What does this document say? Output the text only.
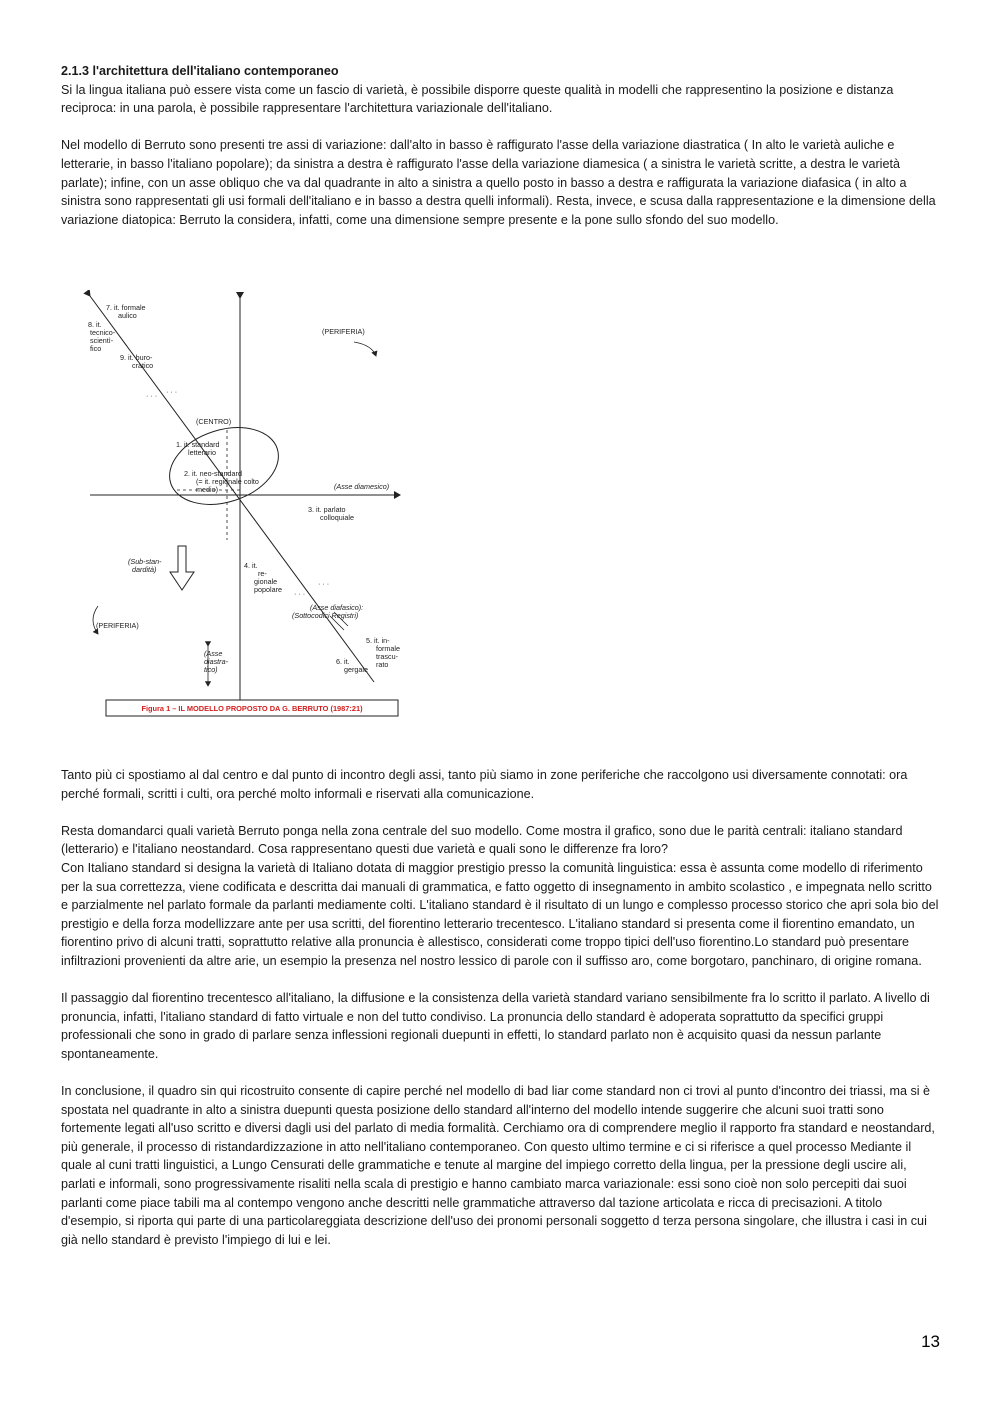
2.1.3 l'architettura dell'italiano contemporaneo

Si la lingua italiana può essere vista come un fascio di varietà, è possibile disporre queste qualità in modelli che rappresentino la posizione e distanza reciproca: in una parola, è possibile rappresentare l'architettura variazionale dell'italiano.

Nel modello di Berruto sono presenti tre assi di variazione: dall'alto in basso è raffigurato l'asse della variazione diastratica ( In alto le varietà auliche e letterarie, in basso l'italiano popolare); da sinistra a destra è raffigurato l'asse della variazione diamesica ( a sinistra le varietà scritte, a destra le varietà parlate); infine, con un asse obliquo che va dal quadrante in alto a sinistra a quello posto in basso a destra e raffigurata la variazione diafasica ( in alto a sinistra sono rappresentati gli usi formali dell'italiano e in basso a destra quelli informali). Resta, invece, e scusa dalla rappresentazione e la dimensione della variazione diatopica: Berruto la considera, infatti, come una dimensione sempre presente e la pone sullo sfondo del suo modello.

7. it. formale
aulico
8. it.
tecnico-
scientì-
fico
9. it. buro-
cratico
· · · · · ·
(PERIFERIA)
(CENTRO)
1. it. standard
letterario
2. it. neo-standard
(= it. regionale colto
medio)	(Asse diamesico)
3. it. parlato
colloquiale
(Sub-stan-
dardità)	4. it.
re-
gionale
popolare
· · ·
· · ·
(Asse diafasico):
(Sottocodici Registri)
(PERIFERIA)
5. it. in-
formale
trascu-
rato
6. it.
gergale
(Asse
diastra-
tico)
Figura 1 – IL MODELLO PROPOSTO DA G. BERRUTO (1987:21)

Tanto più ci spostiamo al dal centro e dal punto di incontro degli assi, tanto più siamo in zone periferiche che raccolgono usi diversamente connotati: ora perché formali, scritti i culti, ora perché molto informali e riservati alla comunicazione.

Resta domandarci quali varietà Berruto ponga nella zona centrale del suo modello. Come mostra il grafico, sono due le parità centrali: italiano standard (letterario) e l'italiano neostandard. Cosa rappresentano questi due varietà e quali sono le differenze fra loro?

Con Italiano standard si designa la varietà di Italiano dotata di maggior prestigio presso la comunità linguistica: essa è assunta come modello di riferimento per la sua correttezza, viene codificata e descritta dai manuali di grammatica, e fatto oggetto di insegnamento in ambito scolastico , e impegnata nello scritto e parzialmente nel parlato formale da parlanti mediamente colti. L'italiano standard è il risultato di un lungo e complesso processo storico che apri sola bio del prestigio e della forza modellizzare ante per usa scritti, del fiorentino letterario trecentesco. L'italiano standard si presenta come il fiorentino emandato, un fiorentino privo di alcuni tratti, soprattutto relative alla pronuncia è allestisco, considerati come troppo tipici dell'uso fiorentino.Lo standard può presentare infiltrazioni provenienti da altre arie, un esempio la presenza nel nostro lessico di parole con il suffisso aro, come borgotaro, panchinaro, di origine romana.

Il passaggio dal fiorentino trecentesco all'italiano, la diffusione e la consistenza della varietà standard variano sensibilmente fra lo scritto il parlato. A livello di pronuncia, infatti, l'italiano standard di fatto virtuale e non del tutto condiviso. La pronuncia dello standard è adoperata soprattutto da specifici gruppi professionali che sono in grado di parlare senza inflessioni regionali duepunti in effetti, lo standard parlato non è acquisito quasi da nessun parlante spontaneamente.

In conclusione, il quadro sin qui ricostruito consente di capire perché nel modello di bad liar come standard non ci trovi al punto d'incontro dei triassi, ma si è spostata nel quadrante in alto a sinistra duepunti questa posizione dello standard all'interno del modello intende suggerire che alcuni suoi tratti sono fortemente legati all'uso scritto e diversi dagli usi del parlato di media formalità. Cerchiamo ora di comprendere meglio il rapporto fra standard e neostandard, più generale, il processo di ristandardizzazione in atto nell'italiano contemporaneo. Con questo ultimo termine e ci si riferisce a quel processo Mediante il quale al cuni tratti linguistici, a Lungo Censurati delle grammatiche e tenute al margine del impiego corretto della lingua, per la pressione degli uscire ali, parlati e informali, sono progressivamente risaliti nella scala di prestigio e hanno cambiato marca variazionale: essi sono cioè non solo percepiti dai suoi parlanti come piace tabili ma al contempo vengono anche descritti nelle grammatiche attraverso dal tazione articolata e ricca di precisazioni. A titolo d'esempio, si riporta qui parte di una particolareggiata descrizione dell'uso dei pronomi personali soggetto d terza persona singolare, che illustra i casi in cui già nello standard è previsto l'impiego di lui e lei.

13
